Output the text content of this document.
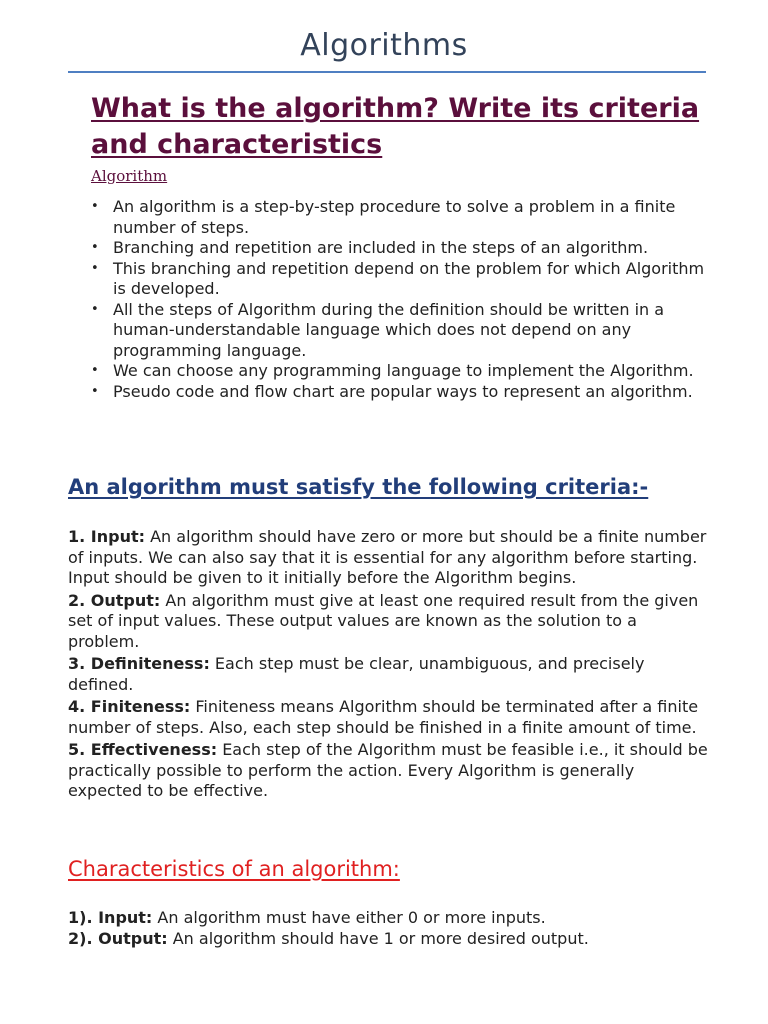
Algorithms
What is the algorithm? Write its criteria and characteristics
Algorithm
• An algorithm is a step-by-step procedure to solve a problem in a finite number of steps.
• Branching and repetition are included in the steps of an algorithm.
• This branching and repetition depend on the problem for which Algorithm is developed.
• All the steps of Algorithm during the definition should be written in a human-understandable language which does not depend on any programming language.
• We can choose any programming language to implement the Algorithm.
• Pseudo code and flow chart are popular ways to represent an algorithm.
An algorithm must satisfy the following criteria:-

1. Input: An algorithm should have zero or more but should be a finite number of inputs. We can also say that it is essential for any algorithm before starting. Input should be given to it initially before the Algorithm begins.

2. Output: An algorithm must give at least one required result from the given set of input values. These output values are known as the solution to a problem.

3. Definiteness: Each step must be clear, unambiguous, and precisely defined.

4. Finiteness: Finiteness means Algorithm should be terminated after a finite number of steps. Also, each step should be finished in a finite amount of time.

5. Effectiveness: Each step of the Algorithm must be feasible i.e., it should be practically possible to perform the action. Every Algorithm is generally expected to be effective.

Characteristics of an algorithm:

1). Input: An algorithm must have either 0 or more inputs.

2). Output: An algorithm should have 1 or more desired output.
